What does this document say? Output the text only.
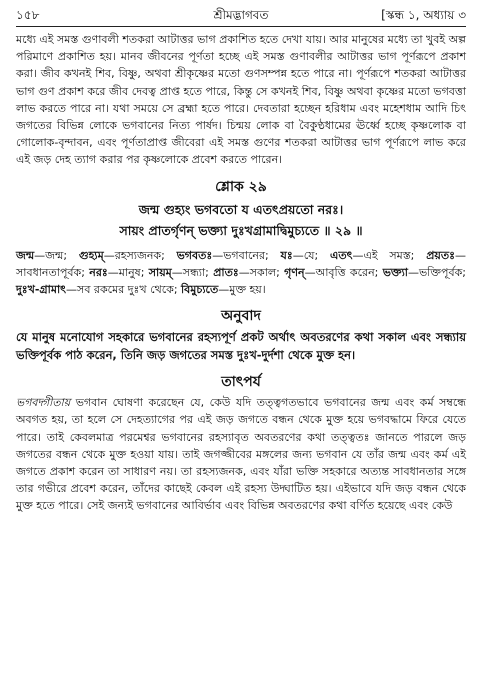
১৫৮	শ্রীমদ্ভাগবত	[স্কন্ধ ১, অধ্যায় ৩

মধ্যে এই সমস্ত গুণাবলী শতকরা আটাত্তর ভাগ প্রকাশিত হতে দেখা যায়। আর মানুষের মধ্যে তা খুবই অল্প পরিমাণে প্রকাশিত হয়। মানব জীবনের পূর্ণতা হচ্ছে এই সমস্ত গুণাবলীর আটাত্তর ভাগ পূর্ণরূপে প্রকাশ করা। জীব কখনই শিব, বিষ্ণু, অথবা শ্রীকৃষ্ণের মতো গুণসম্পন্ন হতে পারে না। পূর্ণরূপে শতকরা আটাত্তর ভাগ গুণ প্রকাশ করে জীব দেবত্ব প্রাপ্ত হতে পারে, কিন্তু সে কখনই শিব, বিষ্ণু অথবা কৃষ্ণের মতো ভগবত্তা লাভ করতে পারে না। যথা সময়ে সে ব্রহ্মা হতে পারে। দেবতারা হচ্ছেন হরিধাম এবং মহেশধাম আদি চিৎ জগতের বিভিন্ন লোকে ভগবানের নিত্য পার্ষদ। চিন্ময় লোক বা বৈকুণ্ঠধামের ঊর্ধ্বে হচ্ছে কৃষ্ণলোক বা গোলোক-বৃন্দাবন, এবং পূর্ণতাপ্রাপ্ত জীবেরা এই সমস্ত গুণের শতকরা আটাত্তর ভাগ পূর্ণরূপে লাভ করে এই জড় দেহ ত্যাগ করার পর কৃষ্ণলোকে প্রবেশ করতে পারেন।

শ্লোক ২৯

জন্ম গুহ্যং ভগবতো য এতৎপ্রয়তো নরঃ।

সায়ং প্রাতর্গৃণন্ ভক্ত্যা দুঃখগ্রামাদ্বিমুচ্যতে ॥ ২৯ ॥

জন্ম—জন্ম; গুহ্যম্—রহস্যজনক; ভগবতঃ—ভগবানের; যঃ—যে; এতৎ—এই সমস্ত; প্রয়তঃ—সাবধানতাপূর্বক; নরঃ—মানুষ; সায়ম্—সন্ধ্যা; প্রাতঃ—সকাল; গৃণন্—আবৃত্তি করেন; ভক্ত্যা—ভক্তিপূর্বক; দুঃখ-গ্রামাৎ—সব রকমের দুঃখ থেকে; বিমুচ্যতে—মুক্ত হয়।

অনুবাদ

যে মানুষ মনোযোগ সহকারে ভগবানের রহস্যপূর্ণ প্রকট অর্থাৎ অবতরণের কথা সকাল এবং সন্ধ্যায় ভক্তিপূর্বক পাঠ করেন, তিনি জড় জগতের সমস্ত দুঃখ-দুর্দশা থেকে মুক্ত হন।

তাৎপর্য

ভগবদ্গীতায় ভগবান ঘোষণা করেছেন যে, কেউ যদি তত্ত্বগতভাবে ভগবানের জন্ম এবং কর্ম সম্বন্ধে অবগত হয়, তা হলে সে দেহত্যাগের পর এই জড় জগতে বন্ধন থেকে মুক্ত হয়ে ভগবদ্ধামে ফিরে যেতে পারে। তাই কেবলমাত্র পরমেশ্বর ভগবানের রহস্যাবৃত অবতরণের কথা তত্ত্বতঃ জানতে পারলে জড় জগতের বন্ধন থেকে মুক্ত হওয়া যায়। তাই জগজ্জীবের মঙ্গলের জন্য ভগবান যে তাঁর জন্ম এবং কর্ম এই জগতে প্রকাশ করেন তা সাধারণ নয়। তা রহস্যজনক, এবং যাঁরা ভক্তি সহকারে অত্যন্ত সাবধানতার সঙ্গে তার গভীরে প্রবেশ করেন, তাঁদের কাছেই কেবল এই রহস্য উদ্ঘাটিত হয়। এইভাবে যদি জড় বন্ধন থেকে মুক্ত হতে পারে। সেই জন্যই ভগবানের আবির্ভাব এবং বিভিন্ন অবতরণের কথা বর্ণিত হয়েছে এবং কেউ
